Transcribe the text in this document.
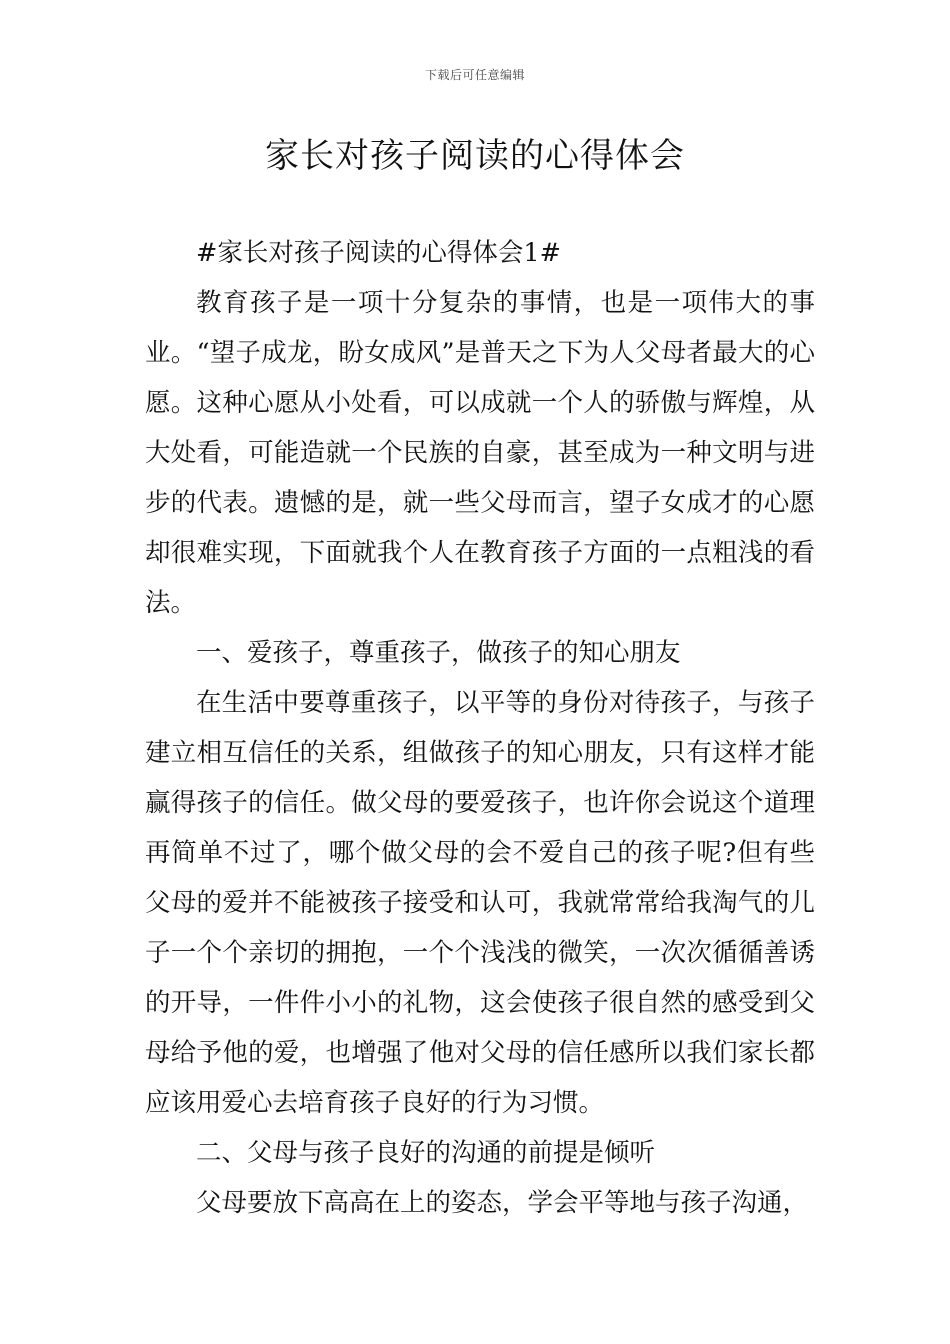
下载后可任意编辑
家长对孩子阅读的心得体会

#家长对孩子阅读的心得体会1#

教育孩子是一项十分复杂的事情，也是一项伟大的事业。“望子成龙，盼女成风”是普天之下为人父母者最大的心愿。这种心愿从小处看，可以成就一个人的骄傲与辉煌，从大处看，可能造就一个民族的自豪，甚至成为一种文明与进步的代表。遗憾的是，就一些父母而言，望子女成才的心愿却很难实现，下面就我个人在教育孩子方面的一点粗浅的看法。

一、爱孩子，尊重孩子，做孩子的知心朋友

在生活中要尊重孩子，以平等的身份对待孩子，与孩子建立相互信任的关系，组做孩子的知心朋友，只有这样才能赢得孩子的信任。做父母的要爱孩子，也许你会说这个道理再简单不过了，哪个做父母的会不爱自己的孩子呢?但有些父母的爱并不能被孩子接受和认可，我就常常给我淘气的儿子一个个亲切的拥抱，一个个浅浅的微笑，一次次循循善诱的开导，一件件小小的礼物，这会使孩子很自然的感受到父母给予他的爱，也增强了他对父母的信任感所以我们家长都应该用爱心去培育孩子良好的行为习惯。

二、父母与孩子良好的沟通的前提是倾听

父母要放下高高在上的姿态，学会平等地与孩子沟通，
